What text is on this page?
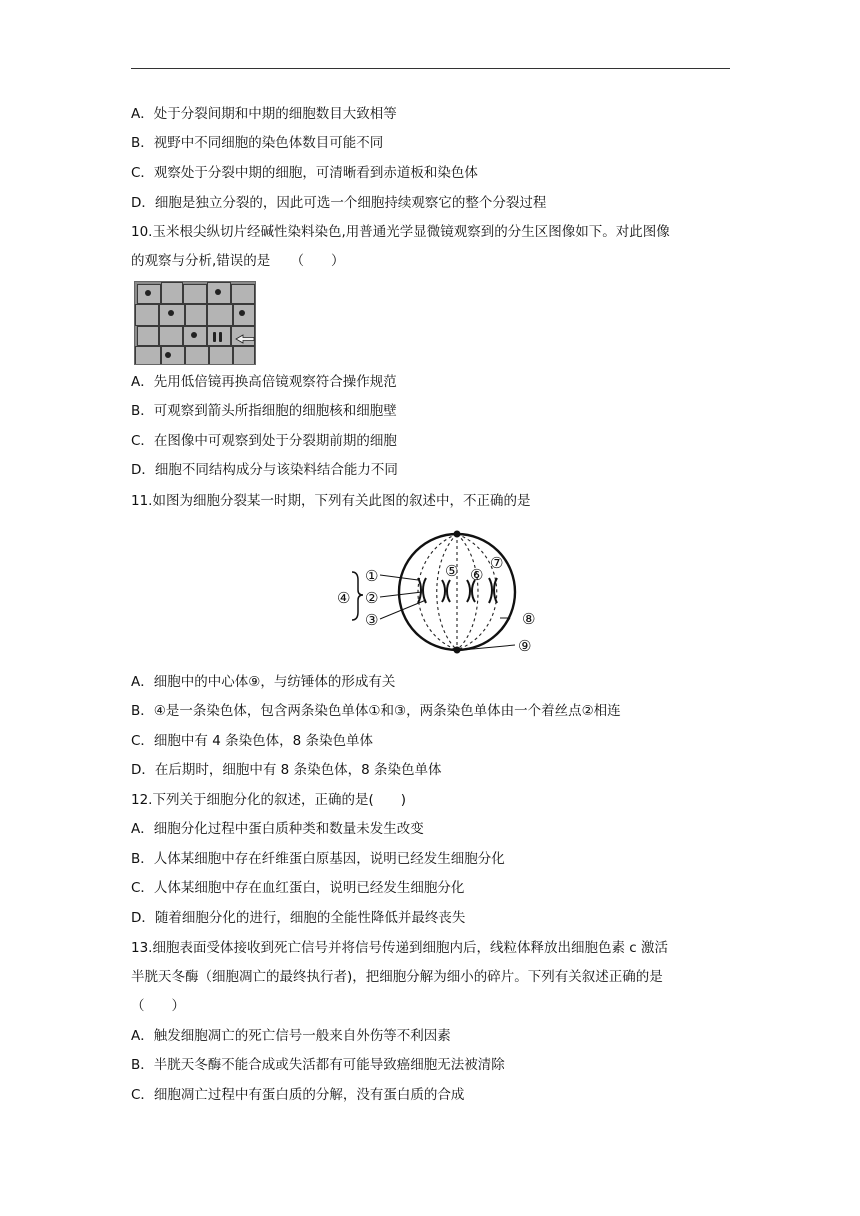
A．处于分裂间期和中期的细胞数目大致相等
B．视野中不同细胞的染色体数目可能不同
C．观察处于分裂中期的细胞，可清晰看到赤道板和染色体
D．细胞是独立分裂的，因此可选一个细胞持续观察它的整个分裂过程
10.玉米根尖纵切片经碱性染料染色,用普通光学显微镜观察到的分生区图像如下。对此图像
的观察与分析,错误的是　　（　　）
A．先用低倍镜再换高倍镜观察符合操作规范
B．可观察到箭头所指细胞的细胞核和细胞壁
C．在图像中可观察到处于分裂期前期的细胞
D．细胞不同结构成分与该染料结合能力不同
11.如图为细胞分裂某一时期，下列有关此图的叙述中，不正确的是
④
①
②
③
⑤ ⑥
⑦
⑧
⑨
A．细胞中的中心体⑨，与纺锤体的形成有关
B．④是一条染色体，包含两条染色单体①和③，两条染色单体由一个着丝点②相连
C．细胞中有 4 条染色体，8 条染色单体
D．在后期时，细胞中有 8 条染色体，8 条染色单体
12.下列关于细胞分化的叙述，正确的是(　　)
A．细胞分化过程中蛋白质种类和数量未发生改变
B．人体某细胞中存在纤维蛋白原基因，说明已经发生细胞分化
C．人体某细胞中存在血红蛋白，说明已经发生细胞分化
D．随着细胞分化的进行，细胞的全能性降低并最终丧失
13.细胞表面受体接收到死亡信号并将信号传递到细胞内后，线粒体释放出细胞色素 c 激活
半胱天冬酶（细胞凋亡的最终执行者)，把细胞分解为细小的碎片。下列有关叙述正确的是
（　　）
A．触发细胞凋亡的死亡信号一般来自外伤等不利因素
B．半胱天冬酶不能合成或失活都有可能导致癌细胞无法被清除
C．细胞凋亡过程中有蛋白质的分解，没有蛋白质的合成
